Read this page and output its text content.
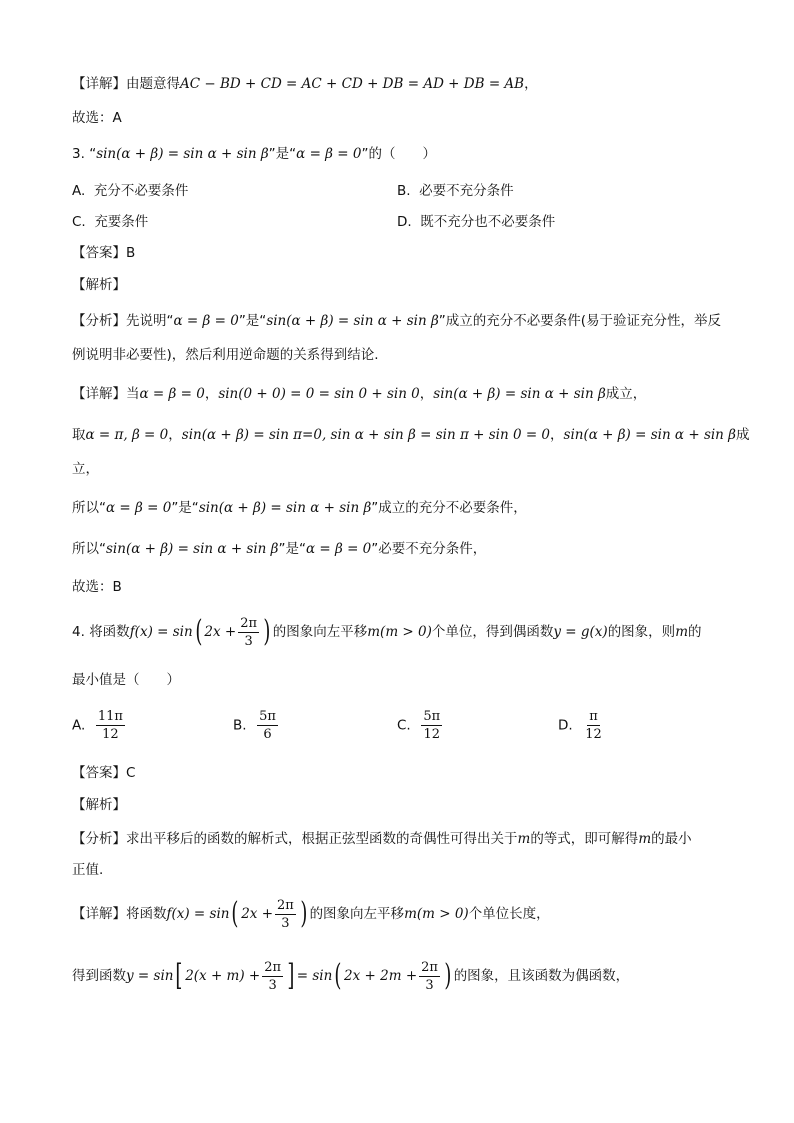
【详解】由题意得AC − BD + CD = AC + CD + DB = AD + DB = AB，
故选：A
3. “sin(α + β) = sin α + sin β”是“α = β = 0”的（　　）
A. 充分不必要条件	B. 必要不充分条件
C. 充要条件	D. 既不充分也不必要条件
【答案】B
【解析】
【分析】先说明“α = β = 0”是“sin(α + β) = sin α + sin β”成立的充分不必要条件(易于验证充分性，举反
例说明非必要性)，然后利用逆命题的关系得到结论.
【详解】当α = β = 0，sin(0 + 0) = 0 = sin 0 + sin 0，sin(α + β) = sin α + sin β成立，
取α = π, β = 0，sin(α + β) = sin π=0, sin α + sin β = sin π + sin 0 = 0，sin(α + β) = sin α + sin β成
立，
所以“α = β = 0”是“sin(α + β) = sin α + sin β”成立的充分不必要条件，
所以“sin(α + β) = sin α + sin β”是“α = β = 0”必要不充分条件，
故选：B
4. 将函数f(x) = sin( $2x + \frac{2\pi}{3}$ ) 的图象向左平移m(m > 0)个单位，得到偶函数y = g(x)的图象，则m的
最小值是（　　）
A. $\frac{11\pi}{12}$	B. $\frac{5\pi}{6}$	C. $\frac{5\pi}{12}$	D. $\frac{\pi}{12}$
【答案】C
【解析】
【分析】求出平移后的函数的解析式，根据正弦型函数的奇偶性可得出关于m的等式，即可解得m的最小
正值.
【详解】将函数f(x) = sin( $2x + \frac{2\pi}{3}$ ) 的图象向左平移m(m > 0)个单位长度，
得到函数y = sin[ $2(x + m) + \frac{2\pi}{3}$ ] = sin( $2x + 2m + \frac{2\pi}{3}$ ) 的图象，且该函数为偶函数，
